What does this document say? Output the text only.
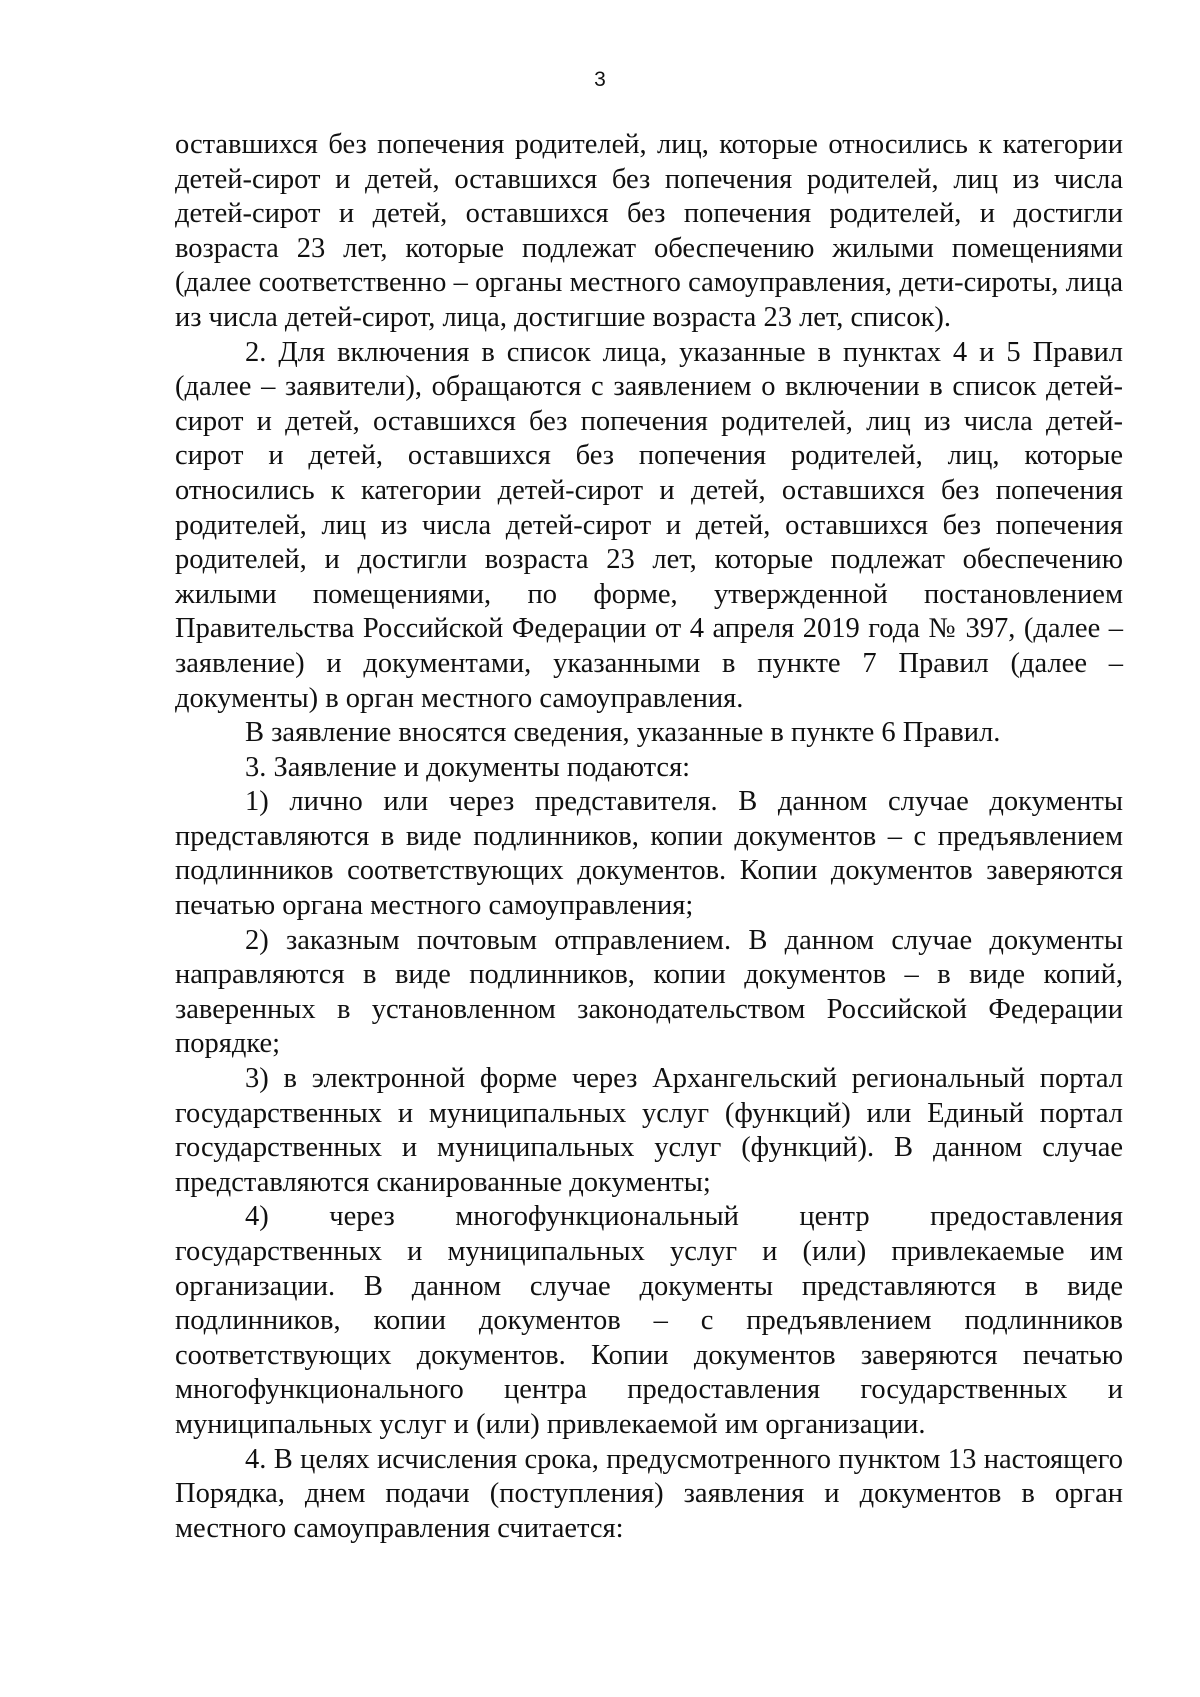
3

оставшихся без попечения родителей, лиц, которые относились к категории детей-сирот и детей, оставшихся без попечения родителей, лиц из числа детей-сирот и детей, оставшихся без попечения родителей, и достигли возраста 23 лет, которые подлежат обеспечению жилыми помещениями (далее соответственно – органы местного самоуправления, дети-сироты, лица из числа детей-сирот, лица, достигшие возраста 23 лет, список).

2. Для включения в список лица, указанные в пунктах 4 и 5 Правил (далее – заявители), обращаются с заявлением о включении в список детей-сирот и детей, оставшихся без попечения родителей, лиц из числа детей-сирот и детей, оставшихся без попечения родителей, лиц, которые относились к категории детей-сирот и детей, оставшихся без попечения родителей, лиц из числа детей-сирот и детей, оставшихся без попечения родителей, и достигли возраста 23 лет, которые подлежат обеспечению жилыми помещениями, по форме, утвержденной постановлением Правительства Российской Федерации от 4 апреля 2019 года № 397, (далее – заявление) и документами, указанными в пункте 7 Правил (далее – документы) в орган местного самоуправления.

В заявление вносятся сведения, указанные в пункте 6 Правил.

3. Заявление и документы подаются:

1) лично или через представителя. В данном случае документы представляются в виде подлинников, копии документов – с предъявлением подлинников соответствующих документов. Копии документов заверяются печатью органа местного самоуправления;

2) заказным почтовым отправлением. В данном случае документы направляются в виде подлинников, копии документов – в виде копий, заверенных в установленном законодательством Российской Федерации порядке;

3) в электронной форме через Архангельский региональный портал государственных и муниципальных услуг (функций) или Единый портал государственных и муниципальных услуг (функций). В данном случае представляются сканированные документы;

4) через многофункциональный центр предоставления государственных и муниципальных услуг и (или) привлекаемые им организации. В данном случае документы представляются в виде подлинников, копии документов – с предъявлением подлинников соответствующих документов. Копии документов заверяются печатью многофункционального центра предоставления государственных и муниципальных услуг и (или) привлекаемой им организации.

4. В целях исчисления срока, предусмотренного пунктом 13 настоящего Порядка, днем подачи (поступления) заявления и документов в орган местного самоуправления считается:
